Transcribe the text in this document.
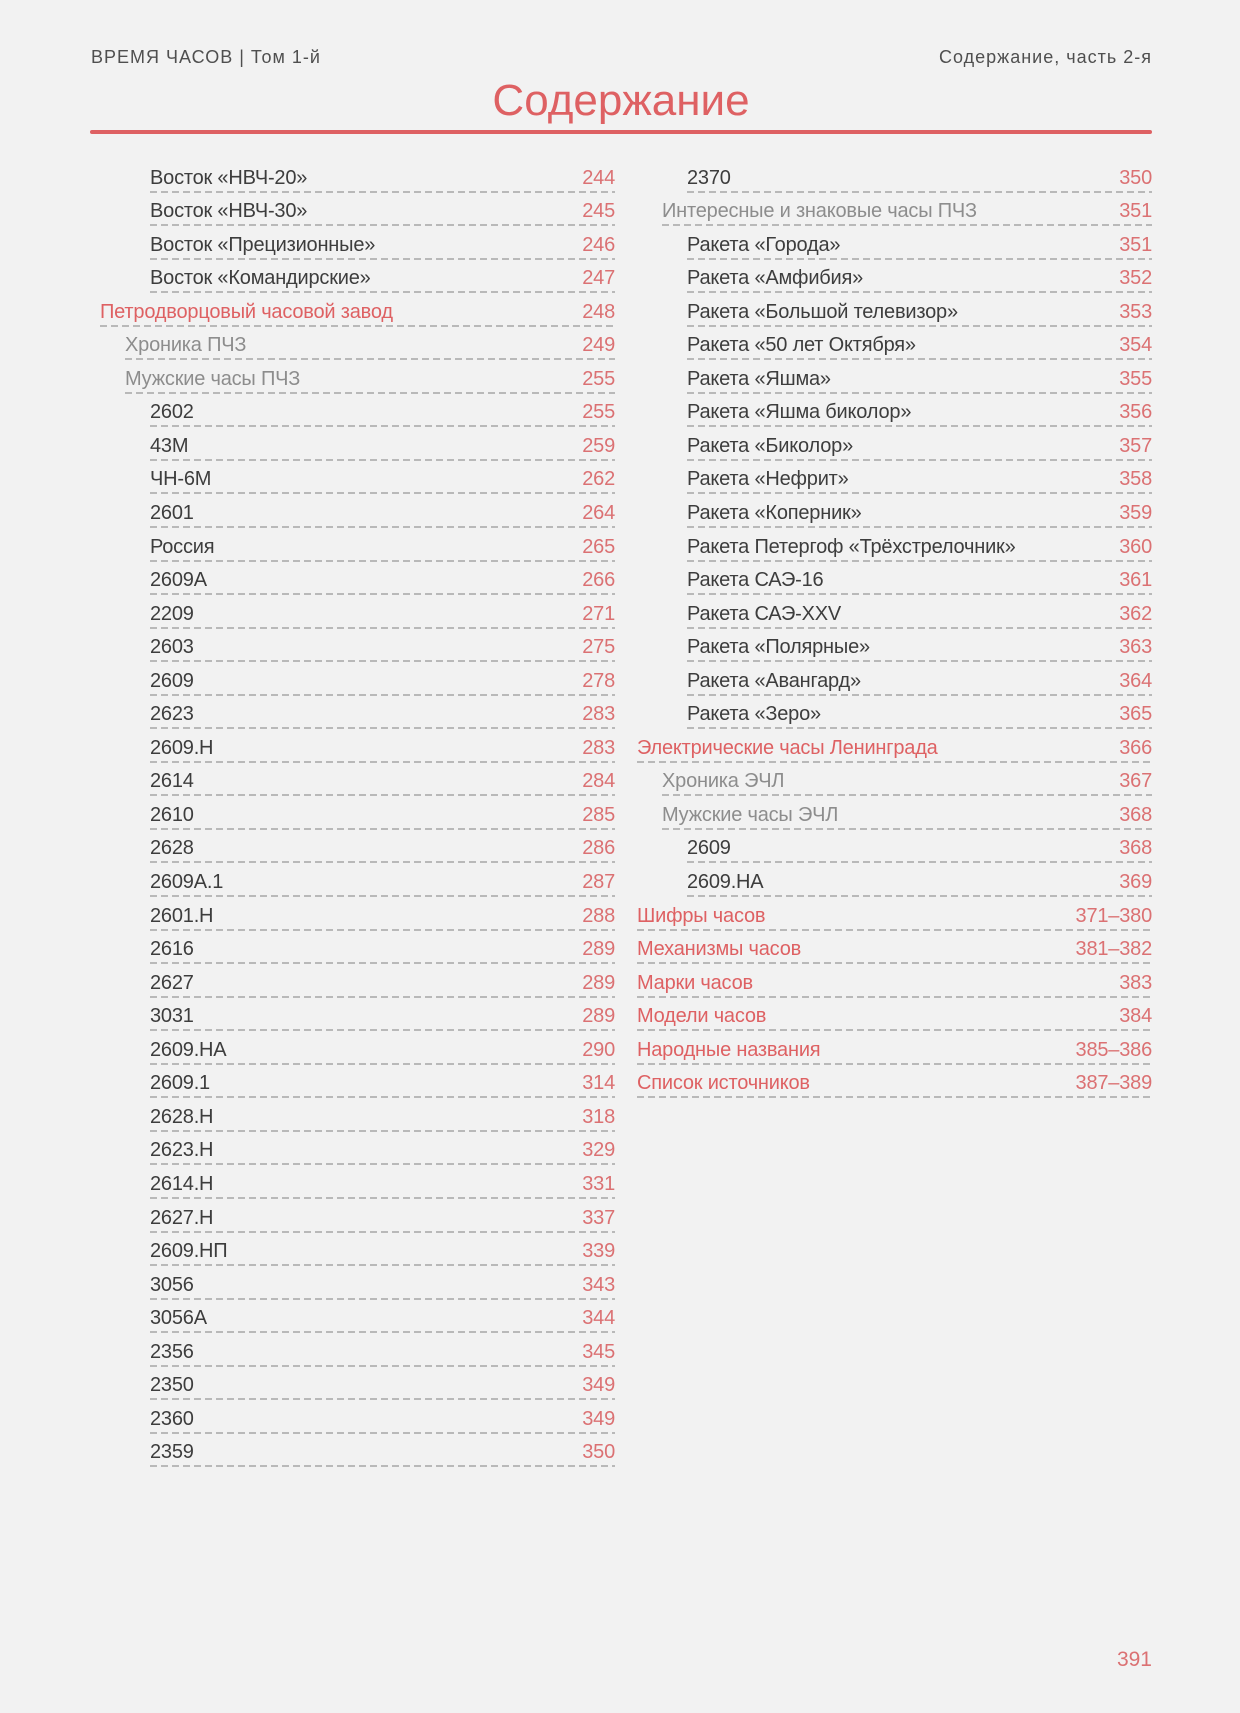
ВРЕМЯ ЧАСОВ | Том 1-й	Содержание, часть 2-я
Содержание
Восток «НВЧ-20»	244
Восток «НВЧ-30»	245
Восток «Прецизионные»	246
Восток «Командирские»	247
Петродворцовый часовой завод	248
Хроника ПЧЗ	249
Мужские часы ПЧЗ	255
2602	255
43М	259
ЧН-6М	262
2601	264
Россия	265
2609А	266
2209	271
2603	275
2609	278
2623	283
2609.Н	283
2614	284
2610	285
2628	286
2609А.1	287
2601.Н	288
2616	289
2627	289
3031	289
2609.НА	290
2609.1	314
2628.Н	318
2623.Н	329
2614.Н	331
2627.Н	337
2609.НП	339
3056	343
3056А	344
2356	345
2350	349
2360	349
2359	350
2370	350
Интересные и знаковые часы ПЧЗ	351
Ракета «Города»	351
Ракета «Амфибия»	352
Ракета «Большой телевизор»	353
Ракета «50 лет Октября»	354
Ракета «Яшма»	355
Ракета «Яшма биколор»	356
Ракета «Биколор»	357
Ракета «Нефрит»	358
Ракета «Коперник»	359
Ракета Петергоф «Трёхстрелочник»	360
Ракета САЭ-16	361
Ракета САЭ-XXV	362
Ракета «Полярные»	363
Ракета «Авангард»	364
Ракета «Зеро»	365
Электрические часы Ленинграда	366
Хроника ЭЧЛ	367
Мужские часы ЭЧЛ	368
2609	368
2609.НА	369
Шифры часов	371–380
Механизмы часов	381–382
Марки часов	383
Модели часов	384
Народные названия	385–386
Список источников	387–389
391
